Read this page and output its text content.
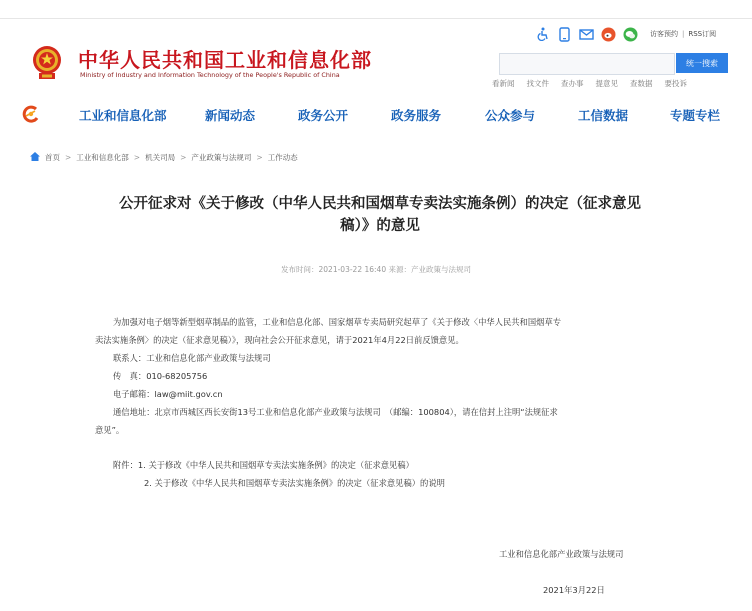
中华人民共和国工业和信息化部
Ministry of Industry and Information Technology of the People's Republic of China
访客预约 | RSS订阅
统一搜索
看新闻 找文件 查办事 提意见 查数据 要投诉
工业和信息化部	新闻动态	政务公开	政务服务	公众参与	工信数据	专题专栏
首页 > 工业和信息化部 > 机关司局 > 产业政策与法规司 > 工作动态
公开征求对《关于修改（中华人民共和国烟草专卖法实施条例）的决定（征求意见
稿）》的意见
发布时间：2021-03-22 16:40 来源：产业政策与法规司
为加强对电子烟等新型烟草制品的监管，工业和信息化部、国家烟草专卖局研究起草了《关于修改〈中华人民共和国烟草专
卖法实施条例〉的决定（征求意见稿）》，现向社会公开征求意见，请于2021年4月22日前反馈意见。
联系人：工业和信息化部产业政策与法规司
传　真：010-68205756
电子邮箱：law@miit.gov.cn
通信地址：北京市西城区西长安街13号工业和信息化部产业政策与法规司　（邮编：100804），请在信封上注明“法规征求
意见”。
附件：1. 关于修改《中华人民共和国烟草专卖法实施条例》的决定（征求意见稿）
2. 关于修改《中华人民共和国烟草专卖法实施条例》的决定（征求意见稿）的说明
工业和信息化部产业政策与法规司
2021年3月22日
